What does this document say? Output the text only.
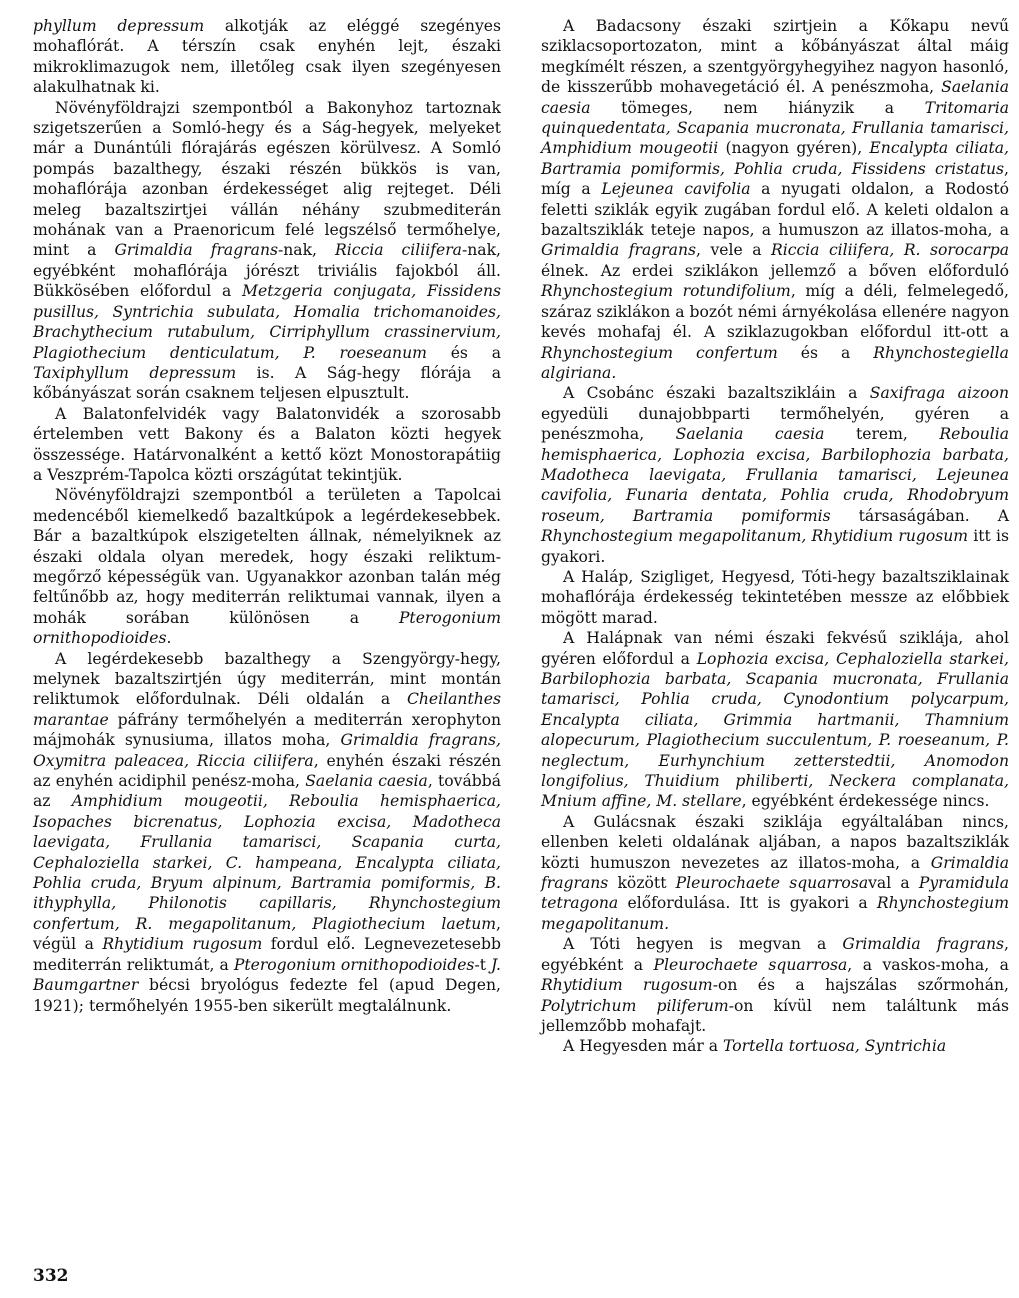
phyllum depressum alkotják az eléggé szegényes mohaflórát. A térszín csak enyhén lejt, északi mikroklimazugok nem, illetőleg csak ilyen szegényesen alakulhatnak ki.

Növényföldrajzi szempontból a Bakonyhoz tartoznak szigetszerűen a Somló-hegy és a Ság-hegyek, melyeket már a Dunántúli flórajárás egészen körülvesz. A Somló pompás bazalthegy, északi részén bükkös is van, mohaflórája azonban érdekességet alig rejteget. Déli meleg bazaltszirtjei vállán néhány szubmediterán mohának van a Praenoricum felé legszélső termőhelye, mint a Grimaldia fragrans-nak, Riccia ciliifera-nak, egyébként mohaflórája jórészt triviális fajokból áll. Bükkösében előfordul a Metzgeria conjugata, Fissidens pusillus, Syntrichia subulata, Homalia trichomanoides, Brachythecium rutabulum, Cirriphyllum crassinervium, Plagiothecium denticulatum, P. roeseanum és a Taxiphyllum depressum is. A Ság-hegy flórája a kőbányászat során csaknem teljesen elpusztult.

A Balatonfelvidék vagy Balatonvidék a szorosabb értelemben vett Bakony és a Balaton közti hegyek összessége. Határvonalként a kettő közt Monostorapátiig a Veszprém-Tapolca közti országútat tekintjük.

Növényföldrajzi szempontból a területen a Tapolcai medencéből kiemelkedő bazaltkúpok a legérdekesebbek. Bár a bazaltkúpok elszigetelten állnak, némelyiknek az északi oldala olyan meredek, hogy északi reliktum-megőrző képességük van. Ugyanakkor azonban talán még feltűnőbb az, hogy mediterrán reliktumai vannak, ilyen a mohák sorában különösen a Pterogonium ornithopodioides.

A legérdekesebb bazalthegy a Szengyörgy-hegy, melynek bazaltszirtjén úgy mediterrán, mint montán reliktumok előfordulnak. Déli oldalán a Cheilanthes marantae páfrány termőhelyén a mediterrán xerophyton májmohák synusiuma, illatos moha, Grimaldia fragrans, Oxymitra paleacea, Riccia ciliifera, enyhén északi részén az enyhén acidiphil penész-moha, Saelania caesia, továbbá az Amphidium mougeotii, Reboulia hemisphaerica, Isopaches bicrenatus, Lophozia excisa, Madotheca laevigata, Frullania tamarisci, Scapania curta, Cephaloziella starkei, C. hampeana, Encalypta ciliata, Pohlia cruda, Bryum alpinum, Bartramia pomiformis, B. ithyphylla, Philonotis capillaris, Rhynchostegium confertum, R. megapolitanum, Plagiothecium laetum, végül a Rhytidium rugosum fordul elő. Legnevezetesebb mediterrán reliktumát, a Pterogonium ornithopodioides-t J. Baumgartner bécsi bryológus fedezte fel (apud Degen, 1921); termőhelyén 1955-ben sikerült megtalálnunk.

A Badacsony északi szirtjein a Kőkapu nevű sziklacsoportozaton, mint a kőbányászat által máig megkímélt részen, a szentgyörgyhegyihez nagyon hasonló, de kisszerűbb mohavegetáció él. A penészmoha, Saelania caesia tömeges, nem hiányzik a Tritomaria quinquedentata, Scapania mucronata, Frullania tamarisci, Amphidium mougeotii (nagyon gyéren), Encalypta ciliata, Bartramia pomiformis, Pohlia cruda, Fissidens cristatus, míg a Lejeunea cavifolia a nyugati oldalon, a Rodostó feletti sziklák egyik zugában fordul elő. A keleti oldalon a bazaltsziklák teteje napos, a humuszon az illatos-moha, a Grimaldia fragrans, vele a Riccia ciliifera, R. sorocarpa élnek. Az erdei sziklákon jellemző a bőven előforduló Rhynchostegium rotundifolium, míg a déli, felmelegedő, száraz sziklákon a bozót némi árnyékolása ellenére nagyon kevés mohafaj él. A sziklazugokban előfordul itt-ott a Rhynchostegium confertum és a Rhynchostegiella algiriana.

A Csobánc északi bazaltszikláin a Saxifraga aizoon egyedüli dunajobbparti termőhelyén, gyéren a penészmoha, Saelania caesia terem, Reboulia hemisphaerica, Lophozia excisa, Barbilophozia barbata, Madotheca laevigata, Frullania tamarisci, Lejeunea cavifolia, Funaria dentata, Pohlia cruda, Rhodobryum roseum, Bartramia pomiformis társaságában. A Rhynchostegium megapolitanum, Rhytidium rugosum itt is gyakori.

A Haláp, Szigliget, Hegyesd, Tóti-hegy bazaltsziklainak mohaflórája érdekesség tekintetében messze az előbbiek mögött marad.

A Halápnak van némi északi fekvésű sziklája, ahol gyéren előfordul a Lophozia excisa, Cephaloziella starkei, Barbilophozia barbata, Scapania mucronata, Frullania tamarisci, Pohlia cruda, Cynodontium polycarpum, Encalypta ciliata, Grimmia hartmanii, Thamnium alopecurum, Plagiothecium succulentum, P. roeseanum, P. neglectum, Eurhynchium zetterstedtii, Anomodon longifolius, Thuidium philiberti, Neckera complanata, Mnium affine, M. stellare, egyébként érdekessége nincs.

A Gulácsnak északi sziklája egyáltalában nincs, ellenben keleti oldalának aljában, a napos bazaltsziklák közti humuszon nevezetes az illatos-moha, a Grimaldia fragrans között Pleurochaete squarrosaval a Pyramidula tetragona előfordulása. Itt is gyakori a Rhynchostegium megapolitanum.

A Tóti hegyen is megvan a Grimaldia fragrans, egyébként a Pleurochaete squarrosa, a vaskos-moha, a Rhytidium rugosum-on és a hajszálas szőrmohán, Polytrichum piliferum-on kívül nem találtunk más jellemzőbb mohafajt.

A Hegyesden már a Tortella tortuosa, Syntrichia

332
